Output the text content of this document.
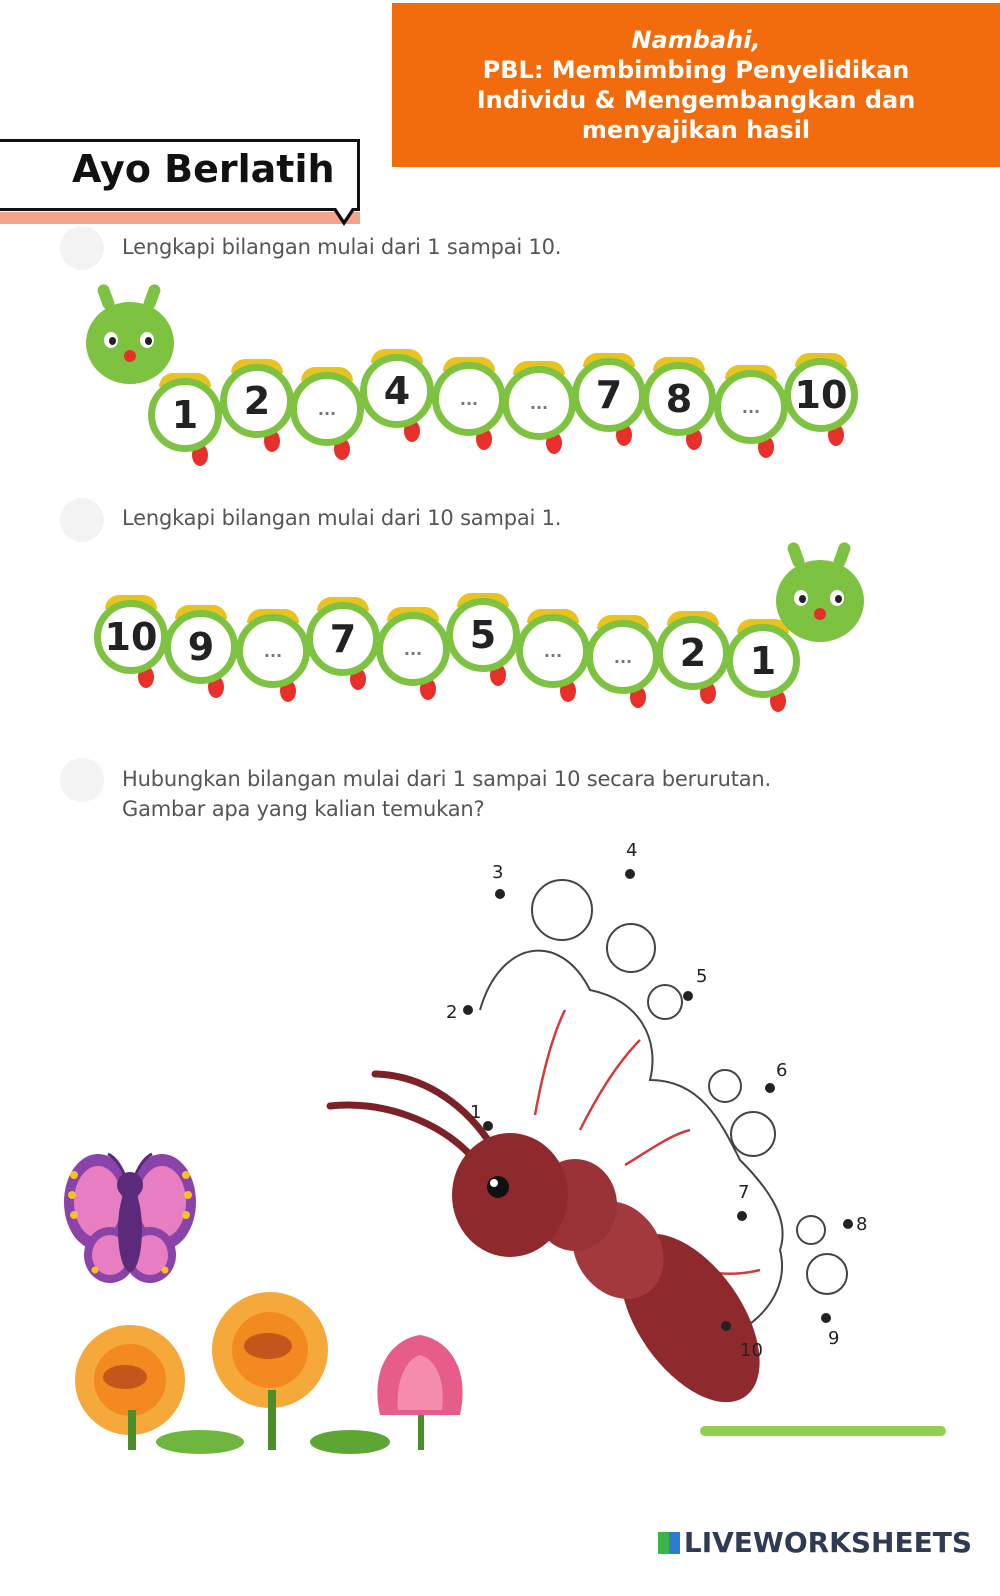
Nambahi,
PBL: Membimbing Penyelidikan
Individu & Mengembangkan dan
menyajikan hasil
Ayo Berlatih
Lengkapi bilangan mulai dari 1 sampai 10.
1	2	...	4	...	...	7	8	... 10
Lengkapi bilangan mulai dari 10 sampai 1.
10 9	...	7	...	5	...	...	2	1
Hubungkan bilangan mulai dari 1 sampai 10 secara berurutan.
Gambar apa yang kalian temukan?
1
2
3
4
5
6
7
8
9
10
LIVEWORKSHEETS
